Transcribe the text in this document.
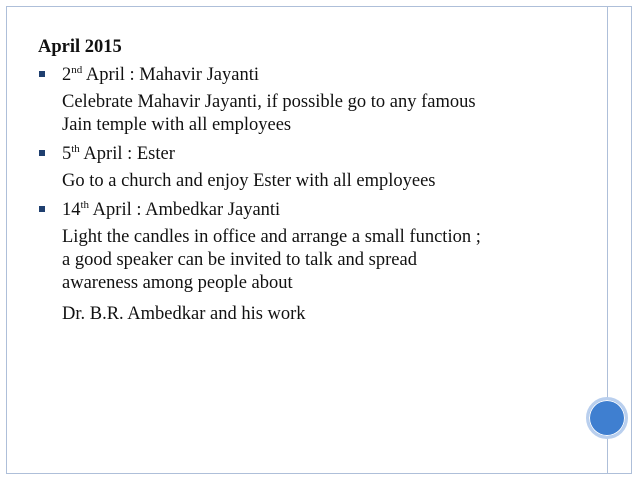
April 2015
2nd April : Mahavir Jayanti
Celebrate Mahavir Jayanti, if possible go to any famous
Jain temple with all employees
5th April : Ester
Go to a church and enjoy Ester with all employees
14th April : Ambedkar Jayanti
Light the candles in office and arrange a small function ;
a good speaker can be invited to talk and spread
awareness among people about
Dr. B.R. Ambedkar and his work
